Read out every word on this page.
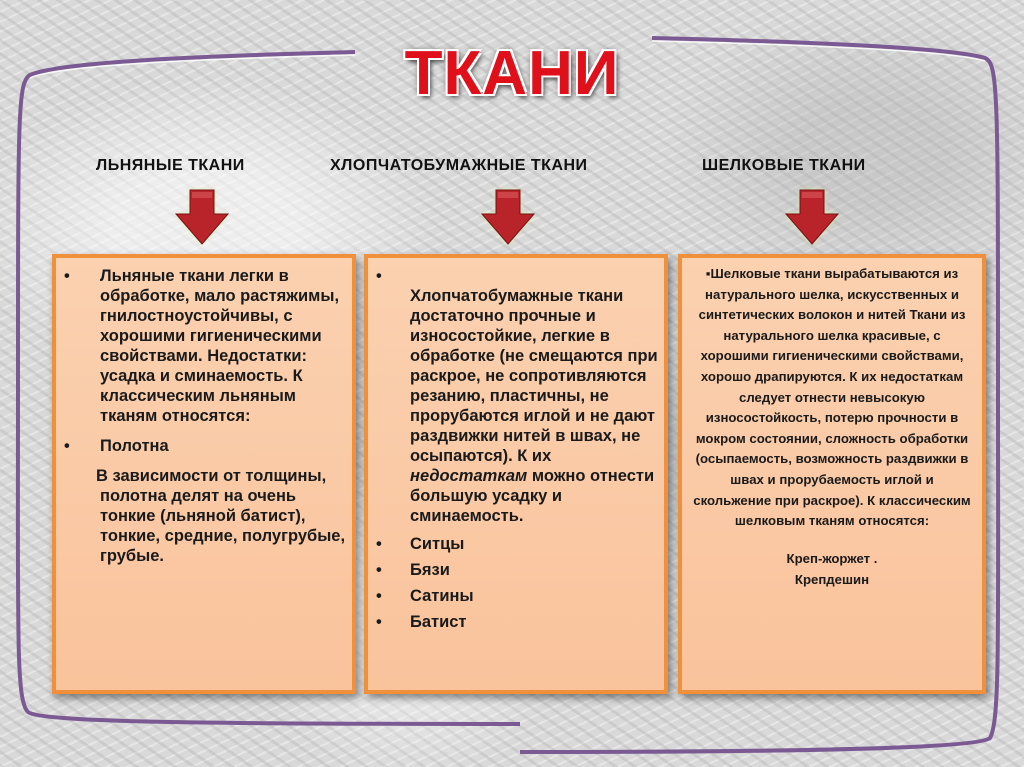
ТКАНИ
ЛЬНЯНЫЕ ТКАНИ	ХЛОПЧАТОБУМАЖНЫЕ ТКАНИ	ШЕЛКОВЫЕ ТКАНИ
• Льняные ткани легки в обработке, мало растяжимы, гнилостноустойчивы, с хорошими гигиеническими свойствами. Недостатки: усадка и сминаемость. К классическим льняным тканям относятся:
• Полотна
В зависимости от толщины, полотна делят на очень тонкие (льняной батист), тонкие, средние, полугрубые, грубые.
• Хлопчатобумажные ткани достаточно прочные и износостойкие, легкие в обработке (не смещаются при раскрое, не сопротивляются резанию, пластичны, не прорубаются иглой и не дают раздвижки нитей в швах, не осыпаются). К их недостаткам можно отнести большую усадку и сминаемость.
• Ситцы
• Бязи
• Сатины
• Батист
▪Шелковые ткани вырабатываются из натурального шелка, искусственных и синтетических волокон и нитей Ткани из натурального шелка красивые, с хорошими гигиеническими свойствами, хорошо драпируются. К их недостаткам следует отнести невысокую износостойкость, потерю прочности в мокром состоянии, сложность обработки (осыпаемость, возможность раздвижки в швах и прорубаемость иглой и скольжение при раскрое). К классическим шелковым тканям относятся:
Креп-жоржет .
Крепдешин
